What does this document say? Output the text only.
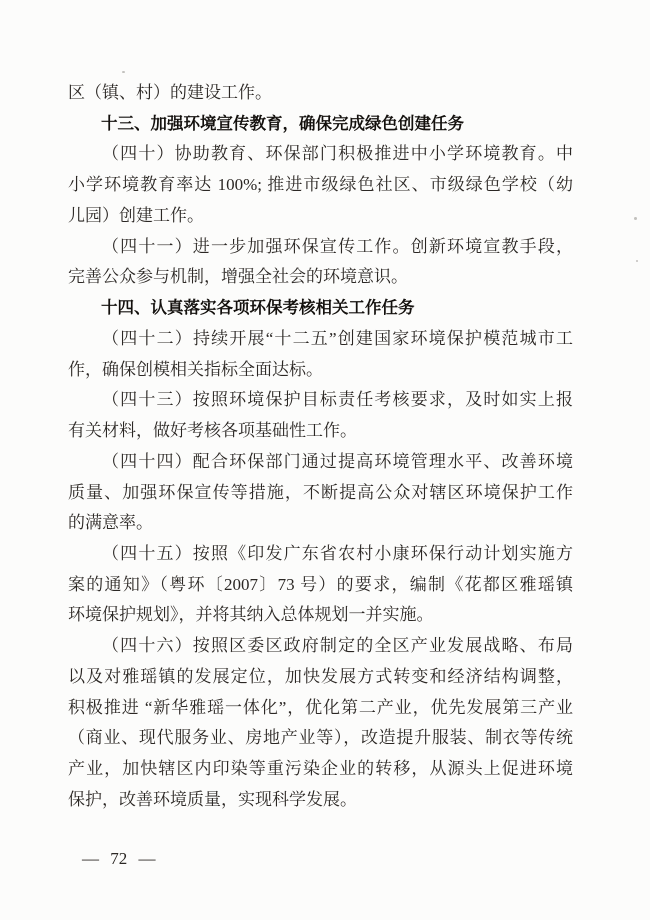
区（镇、村）的建设工作。
十三、加强环境宣传教育，确保完成绿色创建任务
（四十）协助教育、环保部门积极推进中小学环境教育。中
小学环境教育率达 100%; 推进市级绿色社区、市级绿色学校（幼
儿园）创建工作。
（四十一）进一步加强环保宣传工作。创新环境宣教手段，
完善公众参与机制，增强全社会的环境意识。
十四、认真落实各项环保考核相关工作任务
（四十二）持续开展“十二五”创建国家环境保护模范城市工
作，确保创模相关指标全面达标。
（四十三）按照环境保护目标责任考核要求，及时如实上报
有关材料，做好考核各项基础性工作。
（四十四）配合环保部门通过提高环境管理水平、改善环境
质量、加强环保宣传等措施，不断提高公众对辖区环境保护工作
的满意率。
（四十五）按照《印发广东省农村小康环保行动计划实施方
案的通知》（粤环〔2007〕73 号）的要求，编制《花都区雅瑶镇
环境保护规划》，并将其纳入总体规划一并实施。
（四十六）按照区委区政府制定的全区产业发展战略、布局
以及对雅瑶镇的发展定位，加快发展方式转变和经济结构调整，
积极推进 “新华雅瑶一体化”，优化第二产业，优先发展第三产业
（商业、现代服务业、房地产业等），改造提升服装、制衣等传统
产业，加快辖区内印染等重污染企业的转移，从源头上促进环境
保护，改善环境质量，实现科学发展。
— 72 —
